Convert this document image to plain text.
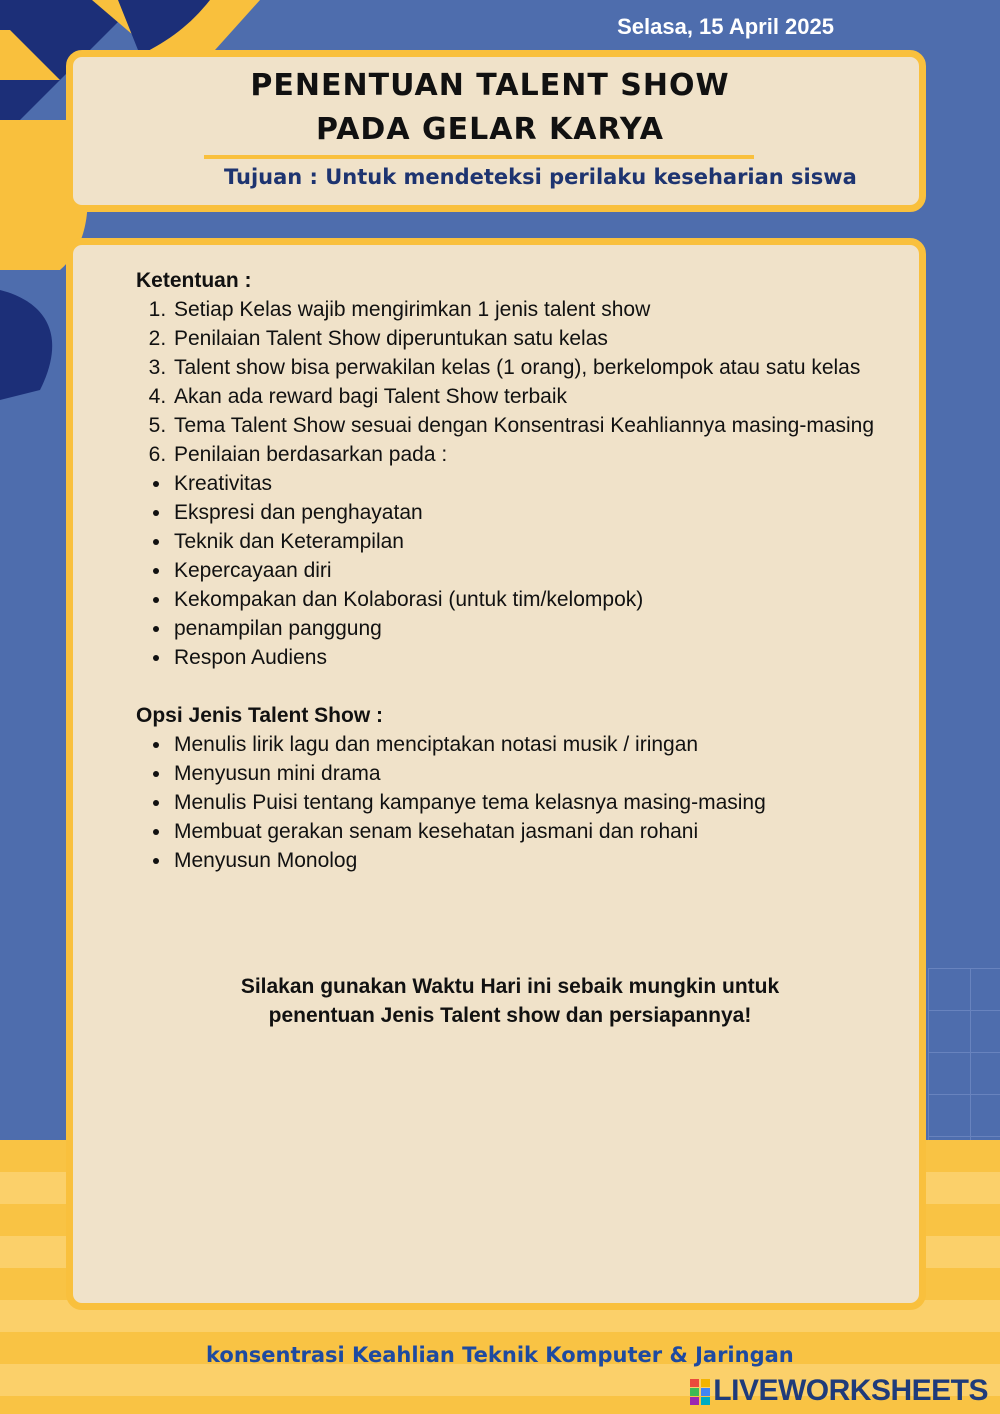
Selasa, 15 April 2025
PENENTUAN TALENT SHOW
PADA GELAR KARYA
Tujuan : Untuk mendeteksi perilaku keseharian siswa
Ketentuan :
1. Setiap Kelas wajib mengirimkan 1 jenis talent show
2. Penilaian Talent Show diperuntukan satu kelas
3. Talent show bisa perwakilan kelas (1 orang), berkelompok atau satu kelas
4. Akan ada reward bagi Talent Show terbaik
5. Tema Talent Show sesuai dengan Konsentrasi Keahliannya masing-masing
6. Penilaian berdasarkan pada :
• Kreativitas
• Ekspresi dan penghayatan
• Teknik dan Keterampilan
• Kepercayaan diri
• Kekompakan dan Kolaborasi (untuk tim/kelompok)
• penampilan panggung
• Respon Audiens
Opsi Jenis Talent Show :
• Menulis lirik lagu dan menciptakan notasi musik / iringan
• Menyusun mini drama
• Menulis Puisi tentang kampanye tema kelasnya masing-masing
• Membuat gerakan senam kesehatan jasmani dan rohani
• Menyusun Monolog
Silakan gunakan Waktu Hari ini sebaik mungkin untuk
penentuan Jenis Talent show dan persiapannya!
konsentrasi Keahlian Teknik Komputer & Jaringan
LIVEWORKSHEETS
